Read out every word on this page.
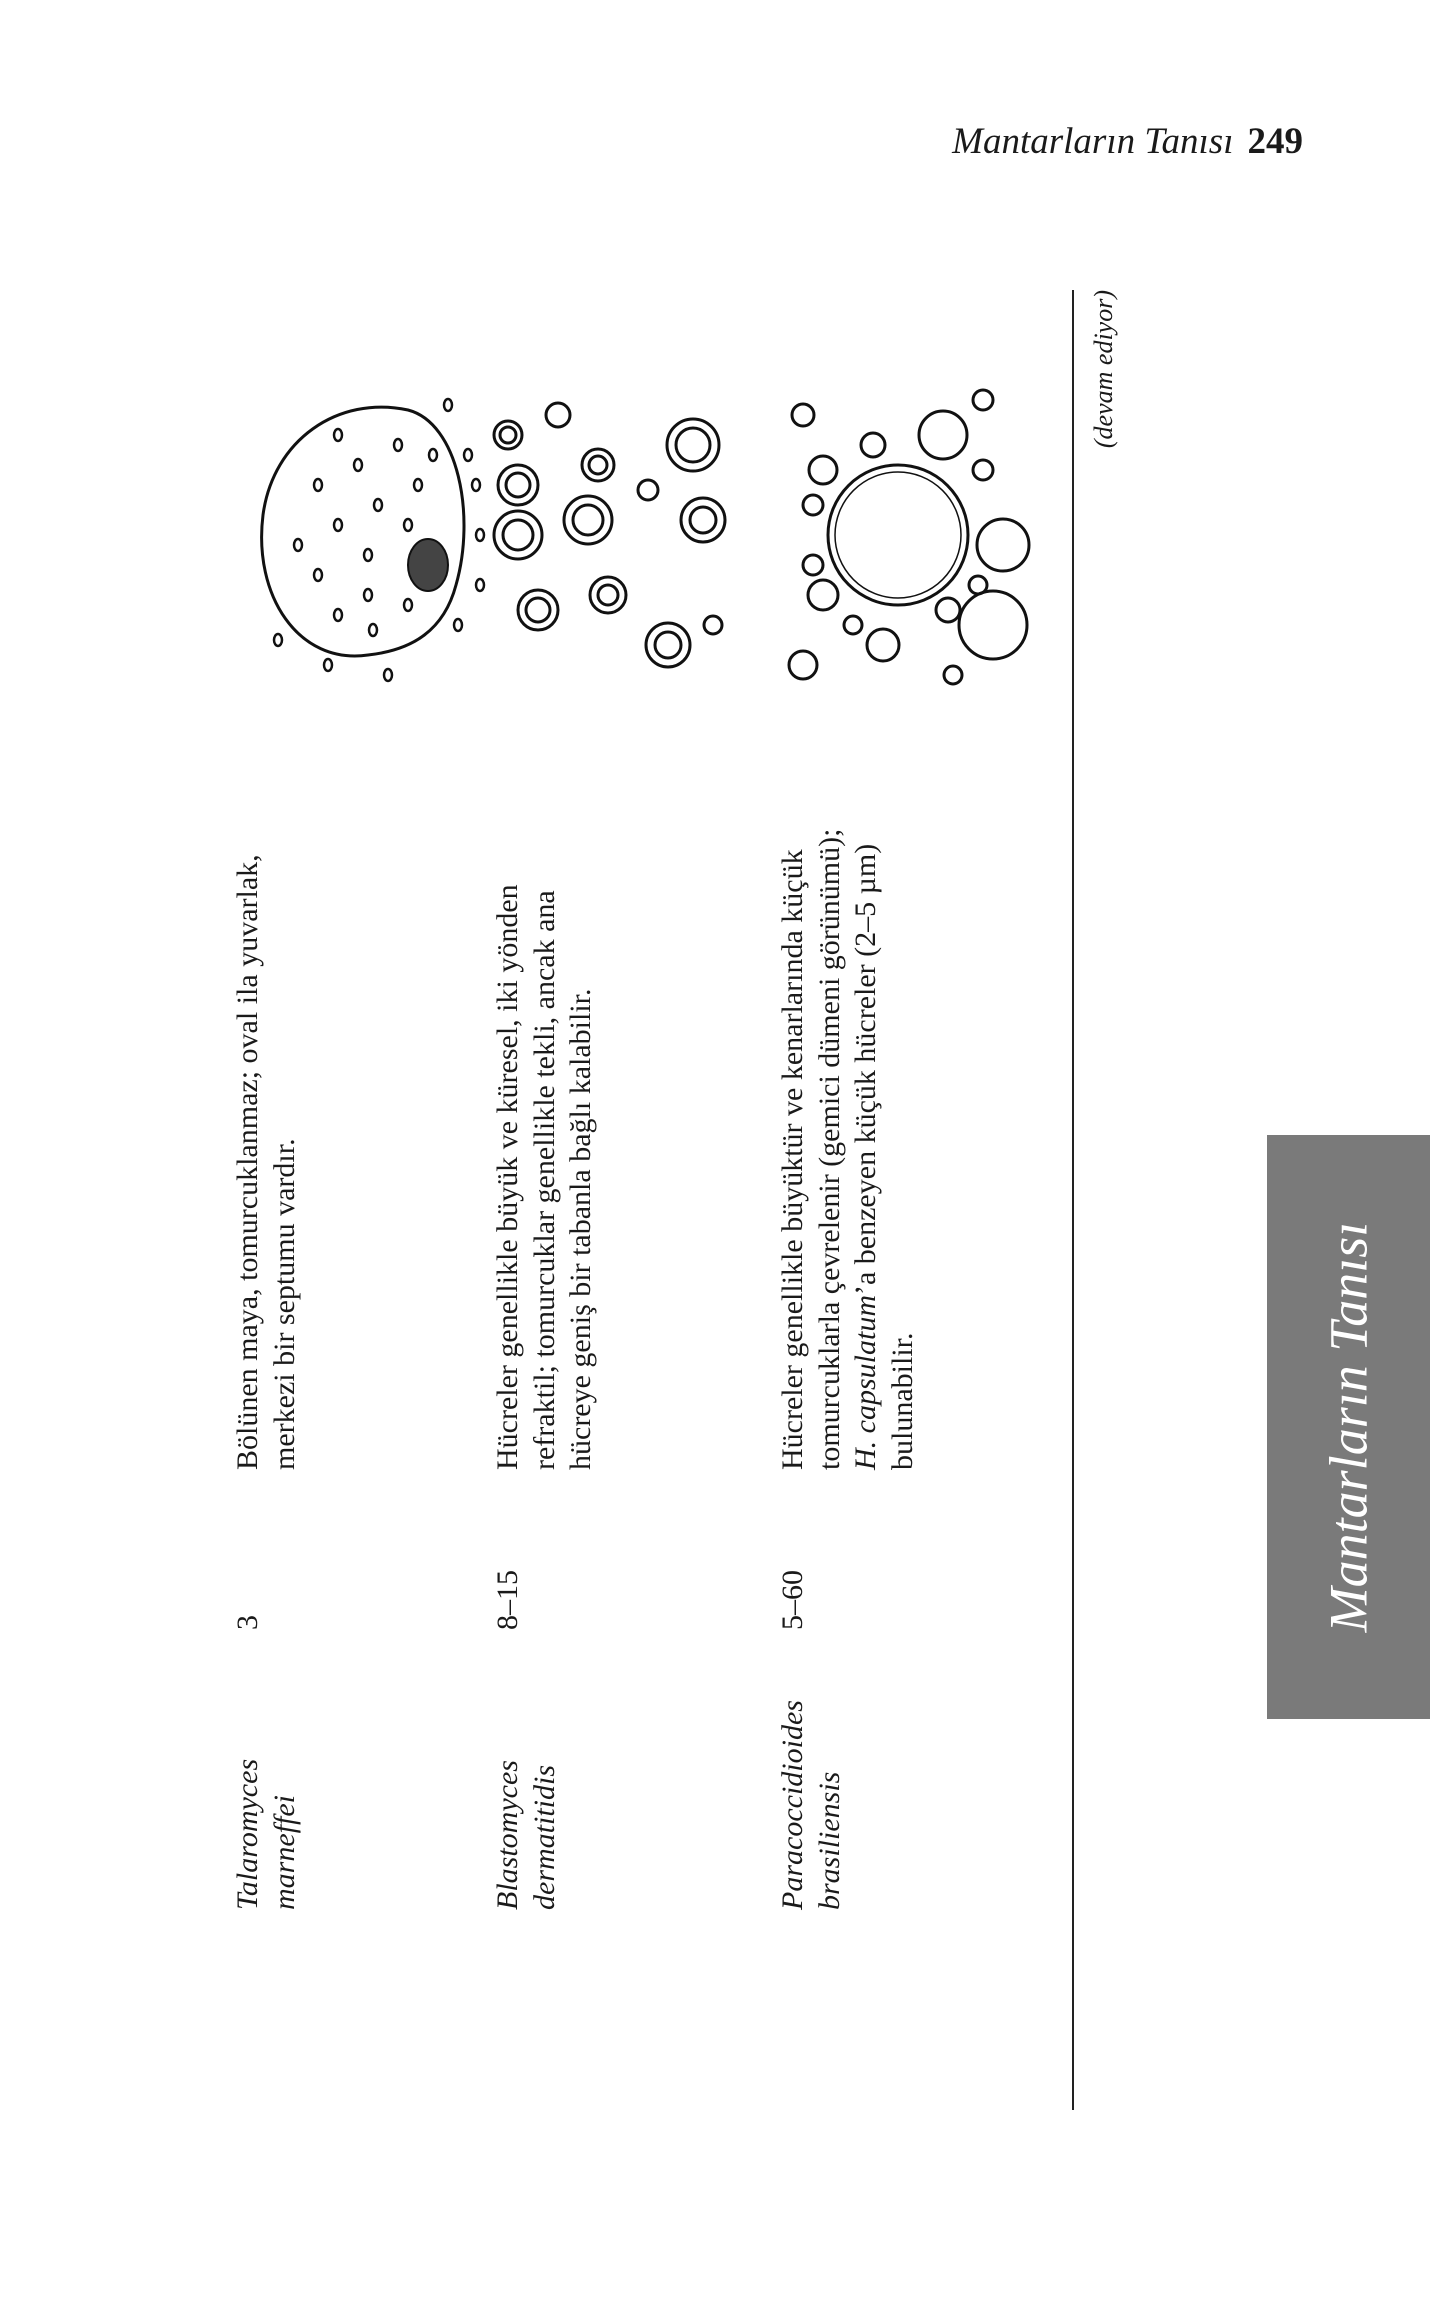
Mantarların Tanısı 249
Talaromyces marneffei
3
Bölünen maya, tomurcuklanmaz; oval ila yuvarlak, merkezi bir septumu vardır.
Blastomyces dermatitidis
8–15
Hücreler genellikle büyük ve küresel, iki yönden refraktil; tomurcuklar genellikle tekli, ancak ana hücreye geniş bir tabanla bağlı kalabilir.
Paracoccidioides brasiliensis
5–60
Hücreler genellikle büyüktür ve kenarlarında küçük tomurcuklarla çevrelenir (gemici dümeni görünümü); H. capsulatum’a benzeyen küçük hücreler (2–5 µm)
bulunabilir.
(devam ediyor)
Mantarların Tanısı
